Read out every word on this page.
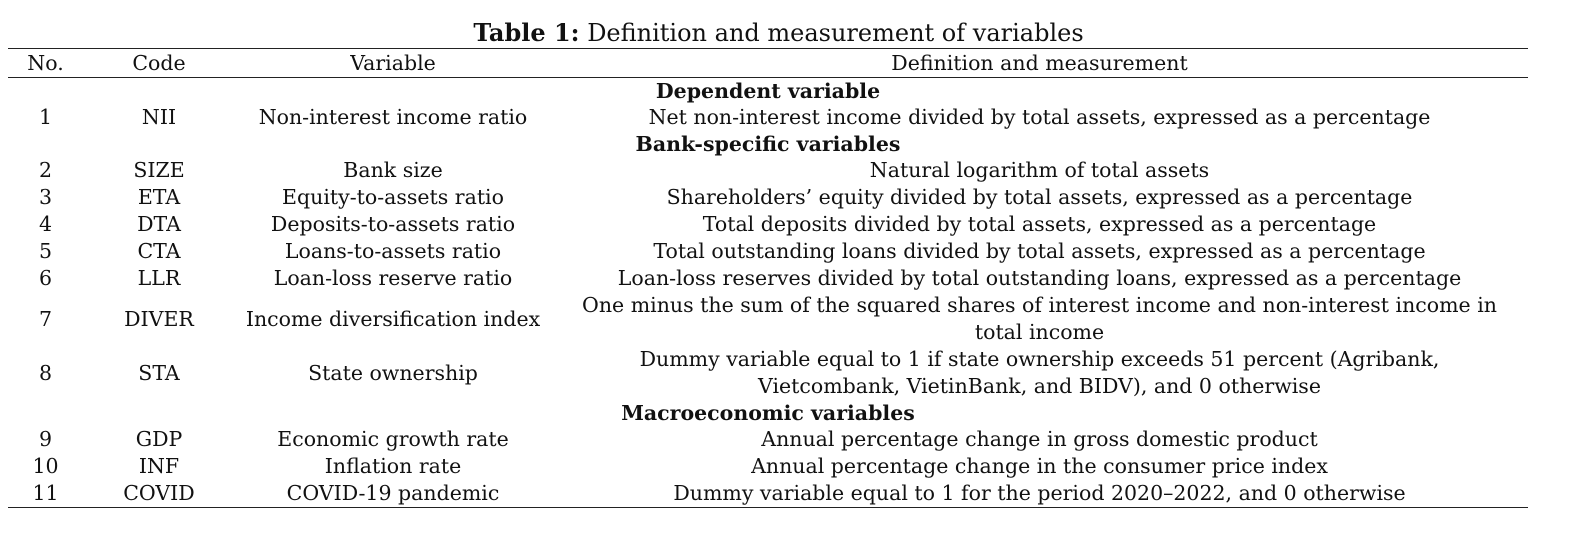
Table 1: Definition and measurement of variables
No.	Code	Variable	Definition and measurement
Dependent variable			
1	NII	Non-interest income ratio	Net non-interest income divided by total assets, expressed as a percentage
Bank-specific variables			
2	SIZE	Bank size	Natural logarithm of total assets
3	ETA	Equity-to-assets ratio	Shareholders’ equity divided by total assets, expressed as a percentage
4	DTA	Deposits-to-assets ratio	Total deposits divided by total assets, expressed as a percentage
5	CTA	Loans-to-assets ratio	Total outstanding loans divided by total assets, expressed as a percentage
6	LLR	Loan-loss reserve ratio	Loan-loss reserves divided by total outstanding loans, expressed as a percentage
7	DIVER	Income diversification index	One minus the sum of the squared shares of interest income and non-interest income in total income
8	STA	State ownership	Dummy variable equal to 1 if state ownership exceeds 51 percent (Agribank, Vietcombank, VietinBank, and BIDV), and 0 otherwise
Macroeconomic variables			
9	GDP	Economic growth rate	Annual percentage change in gross domestic product
10	INF	Inflation rate	Annual percentage change in the consumer price index
11	COVID	COVID-19 pandemic	Dummy variable equal to 1 for the period 2020–2022, and 0 otherwise
